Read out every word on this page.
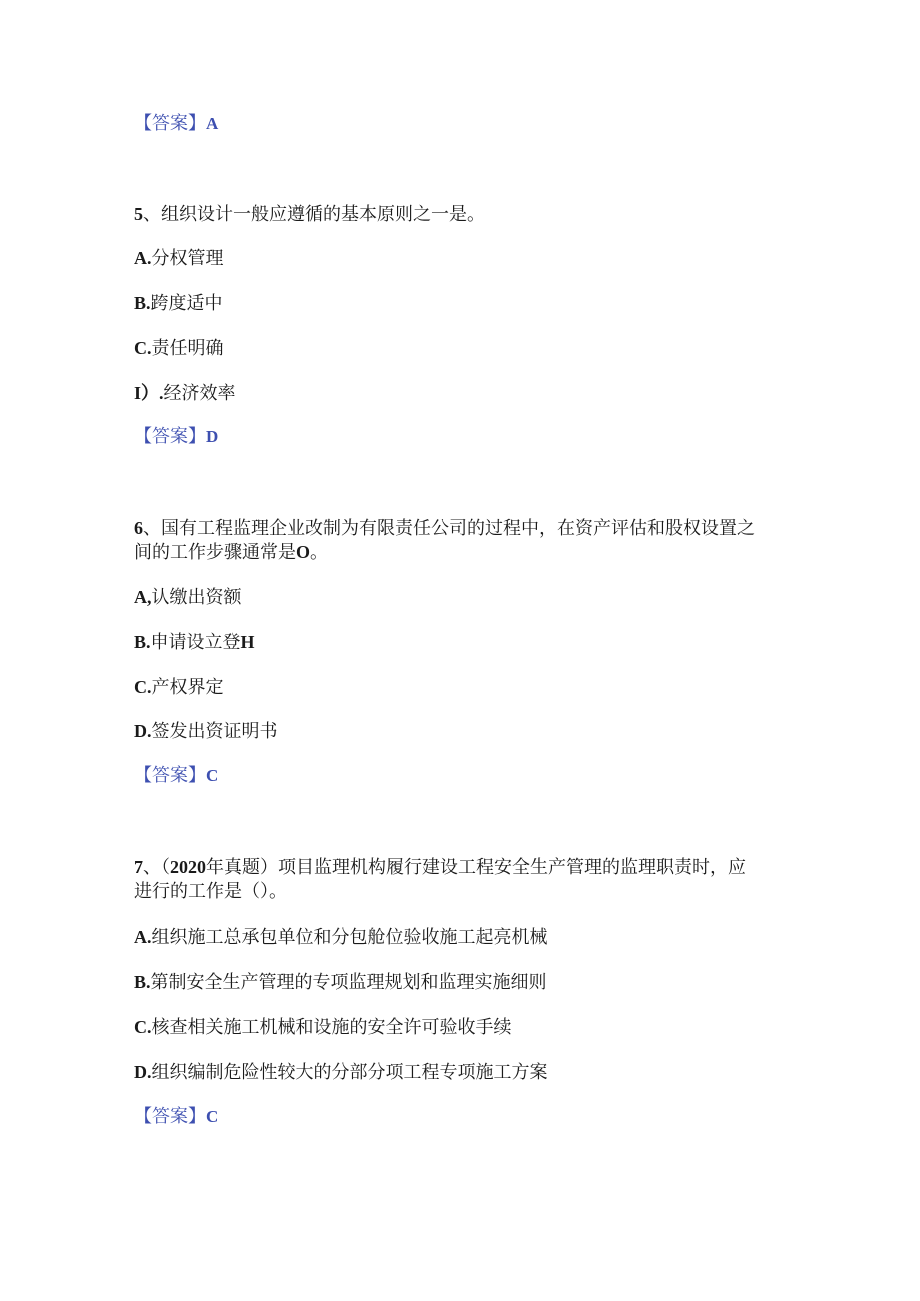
【答案】A
5、组织设计一般应遵循的基本原则之一是。
A.分权管理
B.跨度适中
C.责任明确
I）.经济效率
【答案】D
6、国有工程监理企业改制为有限责任公司的过程中，在资产评估和股权设置之
间的工作步骤通常是O。
A,认缴出资额
B.申请设立登H
C.产权界定
D.签发出资证明书
【答案】C
7、（2020年真题）项目监理机构履行建设工程安全生产管理的监理职责时，应
进行的工作是（）。
A.组织施工总承包单位和分包舱位验收施工起亮机械
B.第制安全生产管理的专项监理规划和监理实施细则
C.核查相关施工机械和设施的安全许可验收手续
D.组织编制危险性较大的分部分项工程专项施工方案
【答案】C
